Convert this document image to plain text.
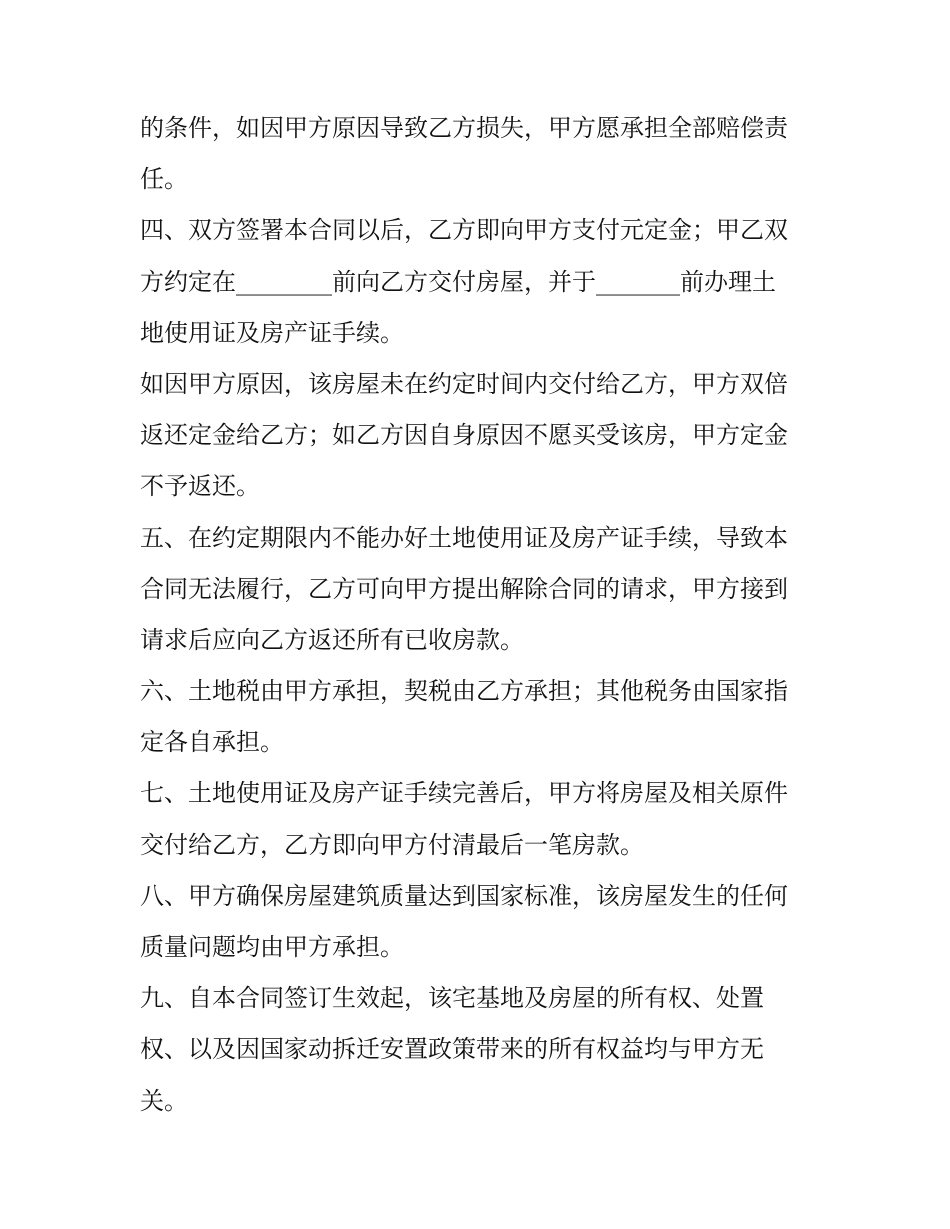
的条件，如因甲方原因导致乙方损失，甲方愿承担全部赔偿责
任。
四、双方签署本合同以后，乙方即向甲方支付元定金；甲乙双
方约定在________前向乙方交付房屋，并于_______前办理土
地使用证及房产证手续。
如因甲方原因，该房屋未在约定时间内交付给乙方，甲方双倍
返还定金给乙方；如乙方因自身原因不愿买受该房，甲方定金
不予返还。
五、在约定期限内不能办好土地使用证及房产证手续，导致本
合同无法履行，乙方可向甲方提出解除合同的请求，甲方接到
请求后应向乙方返还所有已收房款。
六、土地税由甲方承担，契税由乙方承担；其他税务由国家指
定各自承担。
七、土地使用证及房产证手续完善后，甲方将房屋及相关原件
交付给乙方，乙方即向甲方付清最后一笔房款。
八、甲方确保房屋建筑质量达到国家标准，该房屋发生的任何
质量问题均由甲方承担。
九、自本合同签订生效起，该宅基地及房屋的所有权、处置
权、以及因国家动拆迁安置政策带来的所有权益均与甲方无
关。
